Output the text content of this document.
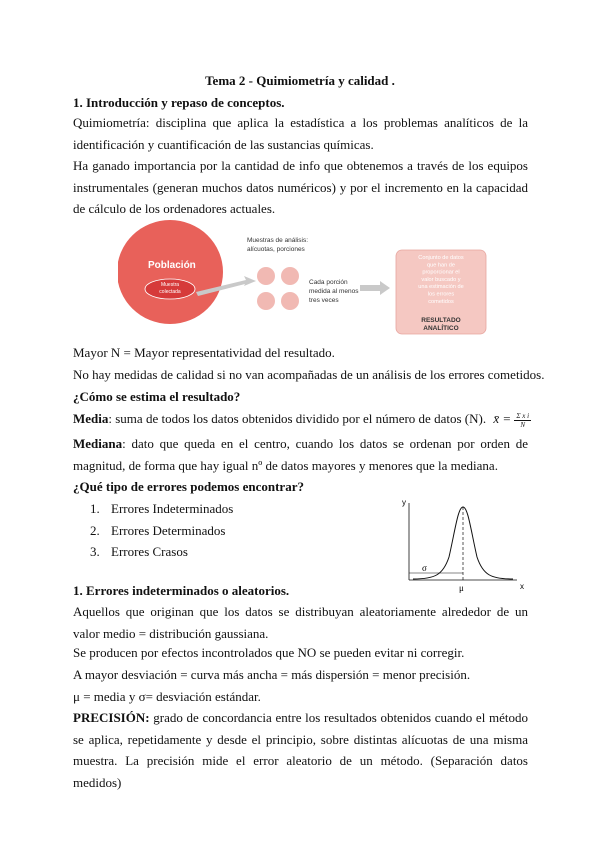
Tema 2 - Quimiometría y calidad .
1. Introducción y repaso de conceptos.

Quimiometría: disciplina que aplica la estadística a los problemas analíticos de la identificación y cuantificación de las sustancias químicas.

Ha ganado importancia por la cantidad de info que obtenemos a través de los equipos instrumentales (generan muchos datos numéricos) y por el incremento en la capacidad de cálculo de los ordenadores actuales.

Población
Muestra
colectada
Muestras de análisis:
alícuotas, porciones
Cada porción
medida al menos
tres veces
Conjunto de datos
que han de
proporcionar el
valor buscado y
una estimación de
los errores
cometidos
RESULTADO
ANALÍTICO
Mayor N = Mayor representatividad del resultado.
No hay medidas de calidad si no van acompañadas de un análisis de los errores cometidos.
¿Cómo se estima el resultado?
Media: suma de todos los datos obtenidos dividido por el número de datos (N). x̄ = $\frac{\text{Σ x i}}{N}$

Mediana: dato que queda en el centro, cuando los datos se ordenan por orden de magnitud, de forma que hay igual nº de datos mayores y menores que la mediana.

¿Qué tipo de errores podemos encontrar?
1. Errores Indeterminados
2. Errores Determinados
3. Errores Crasos
y
x
σ
μ
1. Errores indeterminados o aleatorios.

Aquellos que originan que los datos se distribuyan aleatoriamente alrededor de un valor medio = distribución gaussiana.

Se producen por efectos incontrolados que NO se pueden evitar ni corregir.
A mayor desviación = curva más ancha = más dispersión = menor precisión.
μ = media y σ= desviación estándar.

PRECISIÓN: grado de concordancia entre los resultados obtenidos cuando el método se aplica, repetidamente y desde el principio, sobre distintas alícuotas de una misma muestra. La precisión mide el error aleatorio de un método. (Separación datos medidos)
